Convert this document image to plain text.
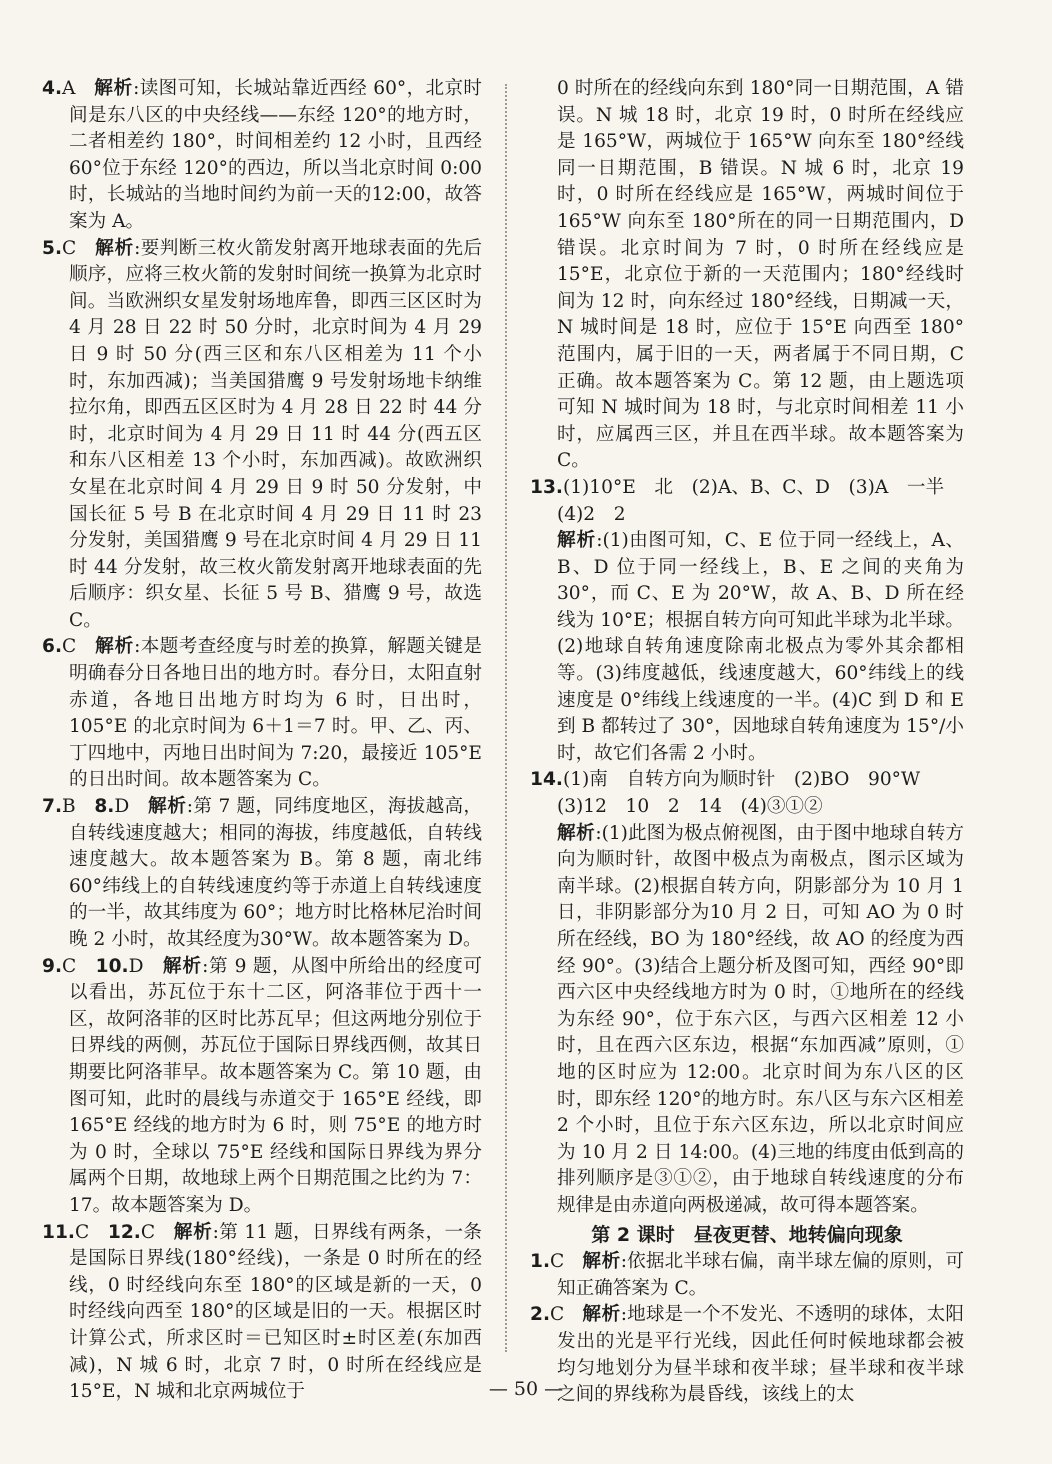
4.A 解析:读图可知，长城站靠近西经 60°，北京时间是东八区的中央经线——东经 120°的地方时，二者相差约 180°，时间相差约 12 小时，且西经 60°位于东经 120°的西边，所以当北京时间 0:00 时，长城站的当地时间约为前一天的12:00，故答案为 A。
5.C 解析:要判断三枚火箭发射离开地球表面的先后顺序，应将三枚火箭的发射时间统一换算为北京时间。当欧洲织女星发射场地库鲁，即西三区区时为 4 月 28 日 22 时 50 分时，北京时间为 4 月 29 日 9 时 50 分(西三区和东八区相差为 11 个小时，东加西减)；当美国猎鹰 9 号发射场地卡纳维拉尔角，即西五区区时为 4 月 28 日 22 时 44 分时，北京时间为 4 月 29 日 11 时 44 分(西五区和东八区相差 13 个小时，东加西减)。故欧洲织女星在北京时间 4 月 29 日 9 时 50 分发射，中国长征 5 号 B 在北京时间 4 月 29 日 11 时 23 分发射，美国猎鹰 9 号在北京时间 4 月 29 日 11 时 44 分发射，故三枚火箭发射离开地球表面的先后顺序：织女星、长征 5 号 B、猎鹰 9 号，故选 C。
6.C 解析:本题考查经度与时差的换算，解题关键是明确春分日各地日出的地方时。春分日，太阳直射赤道，各地日出地方时均为 6 时，日出时，105°E 的北京时间为 6＋1＝7 时。甲、乙、丙、丁四地中，丙地日出时间为 7:20，最接近 105°E 的日出时间。故本题答案为 C。
7.B 8.D 解析:第 7 题，同纬度地区，海拔越高，自转线速度越大；相同的海拔，纬度越低，自转线速度越大。故本题答案为 B。第 8 题，南北纬 60°纬线上的自转线速度约等于赤道上自转线速度的一半，故其纬度为 60°；地方时比格林尼治时间晚 2 小时，故其经度为30°W。故本题答案为 D。
9.C 10.D 解析:第 9 题，从图中所给出的经度可以看出，苏瓦位于东十二区，阿洛菲位于西十一区，故阿洛菲的区时比苏瓦早；但这两地分别位于日界线的两侧，苏瓦位于国际日界线西侧，故其日期要比阿洛菲早。故本题答案为 C。第 10 题，由图可知，此时的晨线与赤道交于 165°E 经线，即 165°E 经线的地方时为 6 时，则 75°E 的地方时为 0 时，全球以 75°E 经线和国际日界线为界分属两个日期，故地球上两个日期范围之比约为 7：17。故本题答案为 D。
11.C 12.C 解析:第 11 题，日界线有两条，一条是国际日界线(180°经线)，一条是 0 时所在的经线，0 时经线向东至 180°的区域是新的一天，0 时经线向西至 180°的区域是旧的一天。根据区时计算公式，所求区时＝已知区时±时区差(东加西减)，N 城 6 时，北京 7 时，0 时所在经线应是 15°E，N 城和北京两城位于
0 时所在的经线向东到 180°同一日期范围，A 错误。N 城 18 时，北京 19 时，0 时所在经线应是 165°W，两城位于 165°W 向东至 180°经线同一日期范围，B 错误。N 城 6 时，北京 19 时，0 时所在经线应是 165°W，两城时间位于 165°W 向东至 180°所在的同一日期范围内，D 错误。北京时间为 7 时，0 时所在经线应是 15°E，北京位于新的一天范围内；180°经线时间为 12 时，向东经过 180°经线，日期减一天，N 城时间是 18 时，应位于 15°E 向西至 180°范围内，属于旧的一天，两者属于不同日期，C 正确。故本题答案为 C。第 12 题，由上题选项可知 N 城时间为 18 时，与北京时间相差 11 小时，应属西三区，并且在西半球。故本题答案为 C。
13.(1)10°E　北　(2)A、B、C、D　(3)A　一半
(4)2　2
解析:(1)由图可知，C、E 位于同一经线上，A、B、D 位于同一经线上，B、E 之间的夹角为 30°，而 C、E 为 20°W，故 A、B、D 所在经线为 10°E；根据自转方向可知此半球为北半球。(2)地球自转角速度除南北极点为零外其余都相等。(3)纬度越低，线速度越大，60°纬线上的线速度是 0°纬线上线速度的一半。(4)C 到 D 和 E 到 B 都转过了 30°，因地球自转角速度为 15°/小时，故它们各需 2 小时。
14.(1)南　自转方向为顺时针　(2)BO　90°W
(3)12　10　2　14　(4)③①②
解析:(1)此图为极点俯视图，由于图中地球自转方向为顺时针，故图中极点为南极点，图示区域为南半球。(2)根据自转方向，阴影部分为 10 月 1 日，非阴影部分为10 月 2 日，可知 AO 为 0 时所在经线，BO 为 180°经线，故 AO 的经度为西经 90°。(3)结合上题分析及图可知，西经 90°即西六区中央经线地方时为 0 时，①地所在的经线为东经 90°，位于东六区，与西六区相差 12 小时，且在西六区东边，根据“东加西减”原则，①地的区时应为 12:00。北京时间为东八区的区时，即东经 120°的地方时。东八区与东六区相差 2 个小时，且位于东六区东边，所以北京时间应为 10 月 2 日 14:00。(4)三地的纬度由低到高的排列顺序是③①②，由于地球自转线速度的分布规律是由赤道向两极递减，故可得本题答案。
第 2 课时　昼夜更替、地转偏向现象
1.C 解析:依据北半球右偏，南半球左偏的原则，可知正确答案为 C。
2.C 解析:地球是一个不发光、不透明的球体，太阳发出的光是平行光线，因此任何时候地球都会被均匀地划分为昼半球和夜半球；昼半球和夜半球之间的界线称为晨昏线，该线上的太
— 50 —
